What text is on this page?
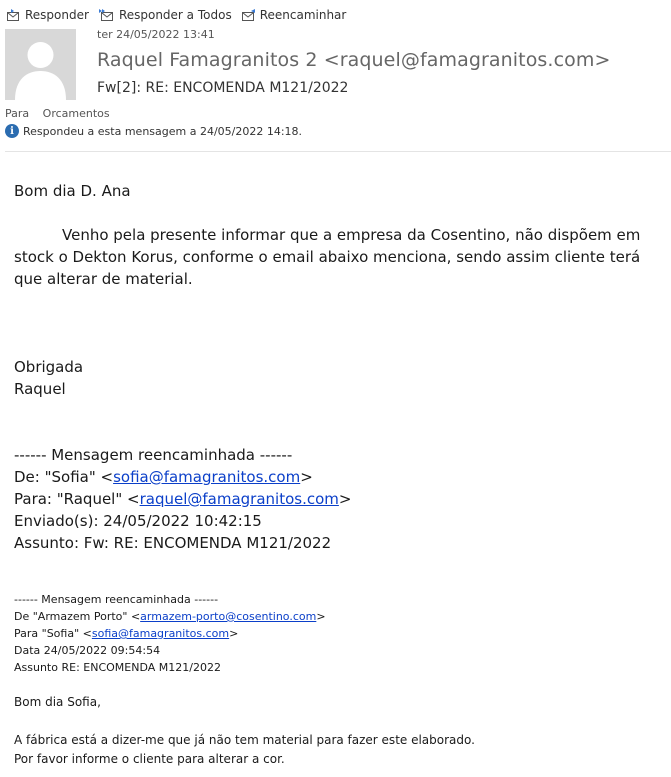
Responder	Responder a Todos Reencaminhar
ter 24/05/2022 13:41
Raquel Famagranitos 2 <raquel@famagranitos.com>
Fw[2]: RE: ENCOMENDA M121/2022
Para Orcamentos
i Respondeu a esta mensagem a 24/05/2022 14:18.

Bom dia D. Ana

Venho pela presente informar que a empresa da Cosentino, não dispõem em stock o Dekton Korus, conforme o email abaixo menciona, sendo assim cliente terá que alterar de material.

Obrigada

Raquel

------ Mensagem reencaminhada ------

De: "Sofia" <sofia@famagranitos.com>

Para: "Raquel" <raquel@famagranitos.com>

Enviado(s): 24/05/2022 10:42:15

Assunto: Fw: RE: ENCOMENDA M121/2022

------ Mensagem reencaminhada ------

De "Armazem Porto" <armazem-porto@cosentino.com>

Para "Sofia" <sofia@famagranitos.com>

Data 24/05/2022 09:54:54

Assunto RE: ENCOMENDA M121/2022

Bom dia Sofia,

A fábrica está a dizer-me que já não tem material para fazer este elaborado.

Por favor informe o cliente para alterar a cor.
